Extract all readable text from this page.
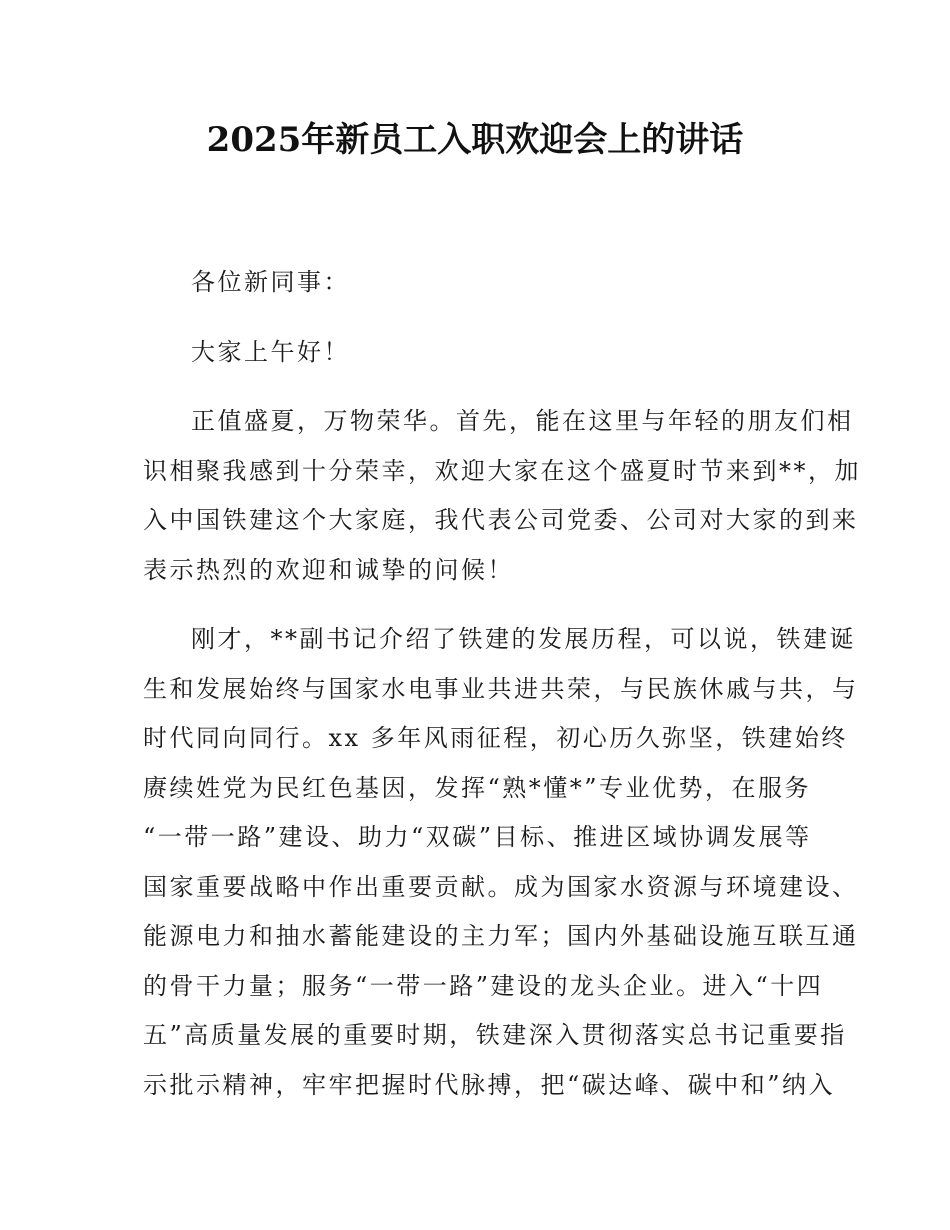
2025年新员工入职欢迎会上的讲话
各位新同事：
大家上午好！
正值盛夏，万物荣华。首先，能在这里与年轻的朋友们相
识相聚我感到十分荣幸，欢迎大家在这个盛夏时节来到**，加
入中国铁建这个大家庭，我代表公司党委、公司对大家的到来
表示热烈的欢迎和诚挚的问候！
刚才，**副书记介绍了铁建的发展历程，可以说，铁建诞
生和发展始终与国家水电事业共进共荣，与民族休戚与共，与
时代同向同行。xx 多年风雨征程，初心历久弥坚，铁建始终
赓续姓党为民红色基因，发挥“熟*懂*”专业优势，在服务
“一带一路”建设、助力“双碳”目标、推进区域协调发展等
国家重要战略中作出重要贡献。成为国家水资源与环境建设、
能源电力和抽水蓄能建设的主力军；国内外基础设施互联互通
的骨干力量；服务“一带一路”建设的龙头企业。进入“十四
五”高质量发展的重要时期，铁建深入贯彻落实总书记重要指
示批示精神，牢牢把握时代脉搏，把“碳达峰、碳中和”纳入
